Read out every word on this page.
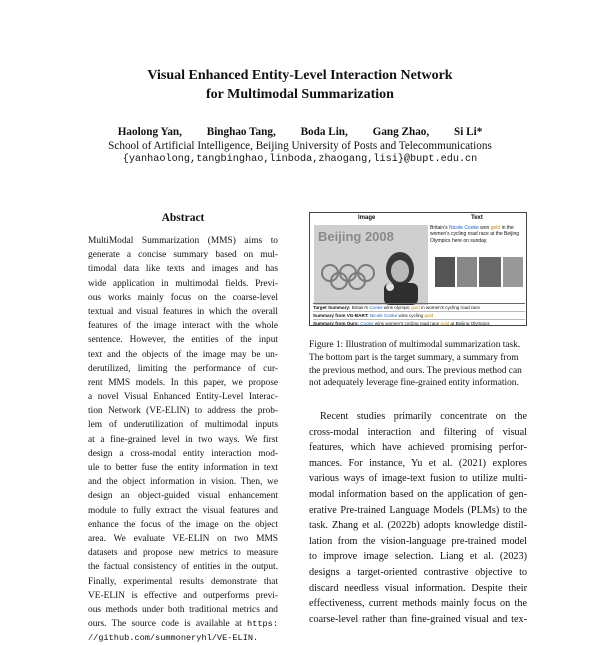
Visual Enhanced Entity-Level Interaction Network
for Multimodal Summarization
Haolong Yan, Binghao Tang, Boda Lin, Gang Zhao, Si Li*
School of Artificial Intelligence, Beijing University of Posts and Telecommunications
{yanhaolong,tangbinghao,linboda,zhaogang,lisi}@bupt.edu.cn
Abstract
MultiModal Summarization (MMS) aims to
generate a concise summary based on mul-
timodal data like texts and images and has
wide application in multimodal fields. Previ-
ous works mainly focus on the coarse-level
textual and visual features in which the overall
features of the image interact with the whole
sentence. However, the entities of the input
text and the objects of the image may be un-
derutilized, limiting the performance of cur-
rent MMS models. In this paper, we propose
a novel Visual Enhanced Entity-Level Interac-
tion Network (VE-ELIN) to address the prob-
lem of underutilization of multimodal inputs
at a fine-grained level in two ways. We first
design a cross-modal entity interaction mod-
ule to better fuse the entity information in text
and the object information in vision. Then, we
design an object-guided visual enhancement
module to fully extract the visual features and
enhance the focus of the image on the object
area. We evaluate VE-ELIN on two MMS
datasets and propose new metrics to measure
the factual consistency of entities in the output.
Finally, experimental results demonstrate that
VE-ELIN is effective and outperforms previ-
ous methods under both traditional metrics and
ours. The source code is available at https:
//github.com/summoneryhl/VE-ELIN.
Image	Text
Beijing 2008
Britain's Nicole Cooke won gold in the
women's cycling road race at the Beijing
Olympics here on sunday.
Target Summary: Britain's Cooke wins olympic gold in women's cycling road race
Summary from VG-BART: Nicole Cooke wins cycling gold
Summary from Ours: Cooke wins women's cycling road race gold at Beijing Olympics

Figure 1: Illustration of multimodal summarization task. The bottom part is the target summary, a summary from the previous method, and ours. The previous method can not adequately leverage fine-grained entity information.

Recent studies primarily concentrate on the
cross-modal interaction and filtering of visual
features, which have achieved promising perfor-
mances. For instance, Yu et al. (2021) explores
various ways of image-text fusion to utilize multi-
modal information based on the application of gen-
erative Pre-trained Language Models (PLMs) to the
task. Zhang et al. (2022b) adopts knowledge distil-
lation from the vision-language pre-trained model
to improve image selection. Liang et al. (2023)
designs a target-oriented contrastive objective to
discard needless visual information. Despite their
effectiveness, current methods mainly focus on the
coarse-level rather than fine-grained visual and tex-
